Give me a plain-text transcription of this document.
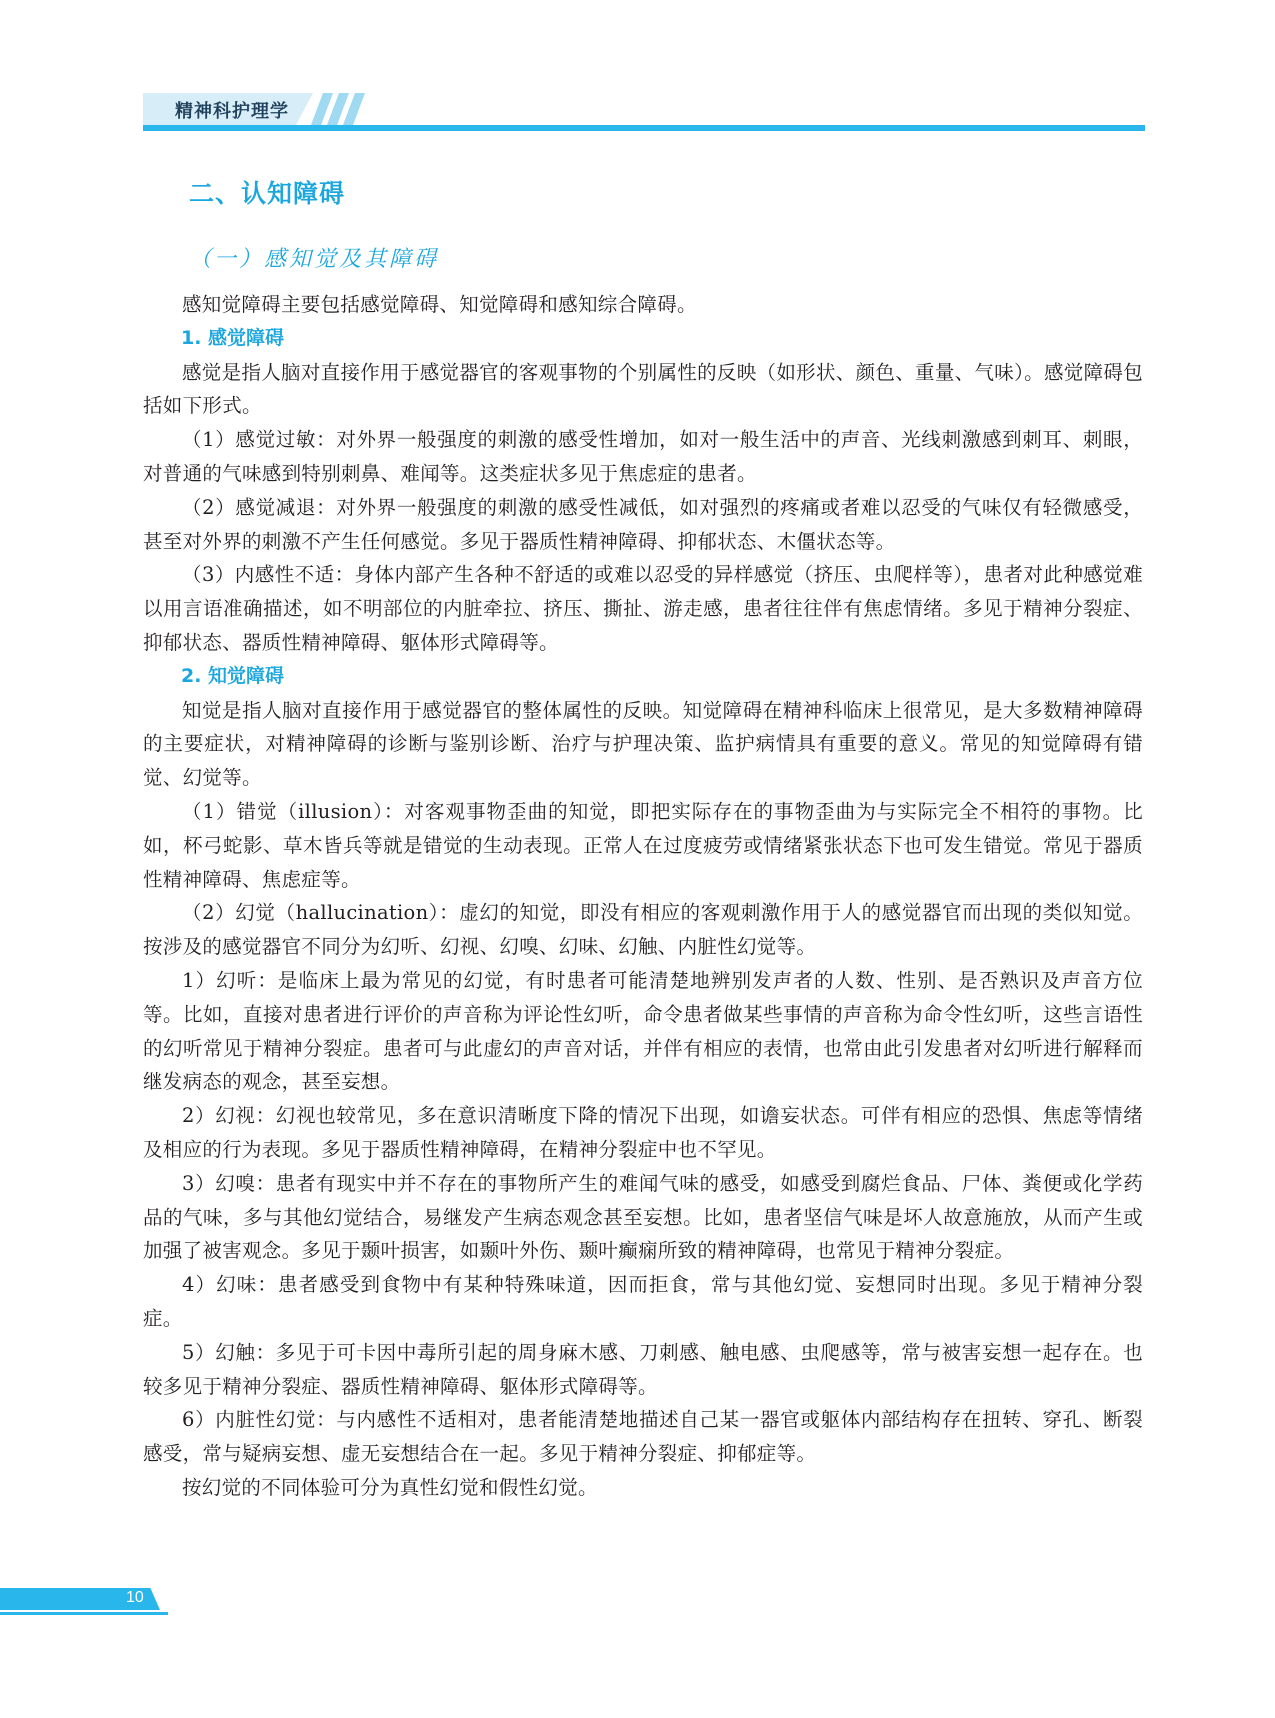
精神科护理学
二、认知障碍
（一）感知觉及其障碍

感知觉障碍主要包括感觉障碍、知觉障碍和感知综合障碍。

1. 感觉障碍

感觉是指人脑对直接作用于感觉器官的客观事物的个别属性的反映（如形状、颜色、重量、气味）。感觉障碍包括如下形式。

（1）感觉过敏：对外界一般强度的刺激的感受性增加，如对一般生活中的声音、光线刺激感到刺耳、刺眼，对普通的气味感到特别刺鼻、难闻等。这类症状多见于焦虑症的患者。

（2）感觉减退：对外界一般强度的刺激的感受性减低，如对强烈的疼痛或者难以忍受的气味仅有轻微感受，甚至对外界的刺激不产生任何感觉。多见于器质性精神障碍、抑郁状态、木僵状态等。

（3）内感性不适：身体内部产生各种不舒适的或难以忍受的异样感觉（挤压、虫爬样等），患者对此种感觉难以用言语准确描述，如不明部位的内脏牵拉、挤压、撕扯、游走感，患者往往伴有焦虑情绪。多见于精神分裂症、抑郁状态、器质性精神障碍、躯体形式障碍等。

2. 知觉障碍

知觉是指人脑对直接作用于感觉器官的整体属性的反映。知觉障碍在精神科临床上很常见，是大多数精神障碍的主要症状，对精神障碍的诊断与鉴别诊断、治疗与护理决策、监护病情具有重要的意义。常见的知觉障碍有错觉、幻觉等。

（1）错觉（illusion）：对客观事物歪曲的知觉，即把实际存在的事物歪曲为与实际完全不相符的事物。比如，杯弓蛇影、草木皆兵等就是错觉的生动表现。正常人在过度疲劳或情绪紧张状态下也可发生错觉。常见于器质性精神障碍、焦虑症等。

（2）幻觉（hallucination）：虚幻的知觉，即没有相应的客观刺激作用于人的感觉器官而出现的类似知觉。按涉及的感觉器官不同分为幻听、幻视、幻嗅、幻味、幻触、内脏性幻觉等。

1）幻听：是临床上最为常见的幻觉，有时患者可能清楚地辨别发声者的人数、性别、是否熟识及声音方位等。比如，直接对患者进行评价的声音称为评论性幻听，命令患者做某些事情的声音称为命令性幻听，这些言语性的幻听常见于精神分裂症。患者可与此虚幻的声音对话，并伴有相应的表情，也常由此引发患者对幻听进行解释而继发病态的观念，甚至妄想。

2）幻视：幻视也较常见，多在意识清晰度下降的情况下出现，如谵妄状态。可伴有相应的恐惧、焦虑等情绪及相应的行为表现。多见于器质性精神障碍，在精神分裂症中也不罕见。

3）幻嗅：患者有现实中并不存在的事物所产生的难闻气味的感受，如感受到腐烂食品、尸体、粪便或化学药品的气味，多与其他幻觉结合，易继发产生病态观念甚至妄想。比如，患者坚信气味是坏人故意施放，从而产生或加强了被害观念。多见于颞叶损害，如颞叶外伤、颞叶癫痫所致的精神障碍，也常见于精神分裂症。

4）幻味：患者感受到食物中有某种特殊味道，因而拒食，常与其他幻觉、妄想同时出现。多见于精神分裂症。

5）幻触：多见于可卡因中毒所引起的周身麻木感、刀刺感、触电感、虫爬感等，常与被害妄想一起存在。也较多见于精神分裂症、器质性精神障碍、躯体形式障碍等。

6）内脏性幻觉：与内感性不适相对，患者能清楚地描述自己某一器官或躯体内部结构存在扭转、穿孔、断裂感受，常与疑病妄想、虚无妄想结合在一起。多见于精神分裂症、抑郁症等。

按幻觉的不同体验可分为真性幻觉和假性幻觉。

10
